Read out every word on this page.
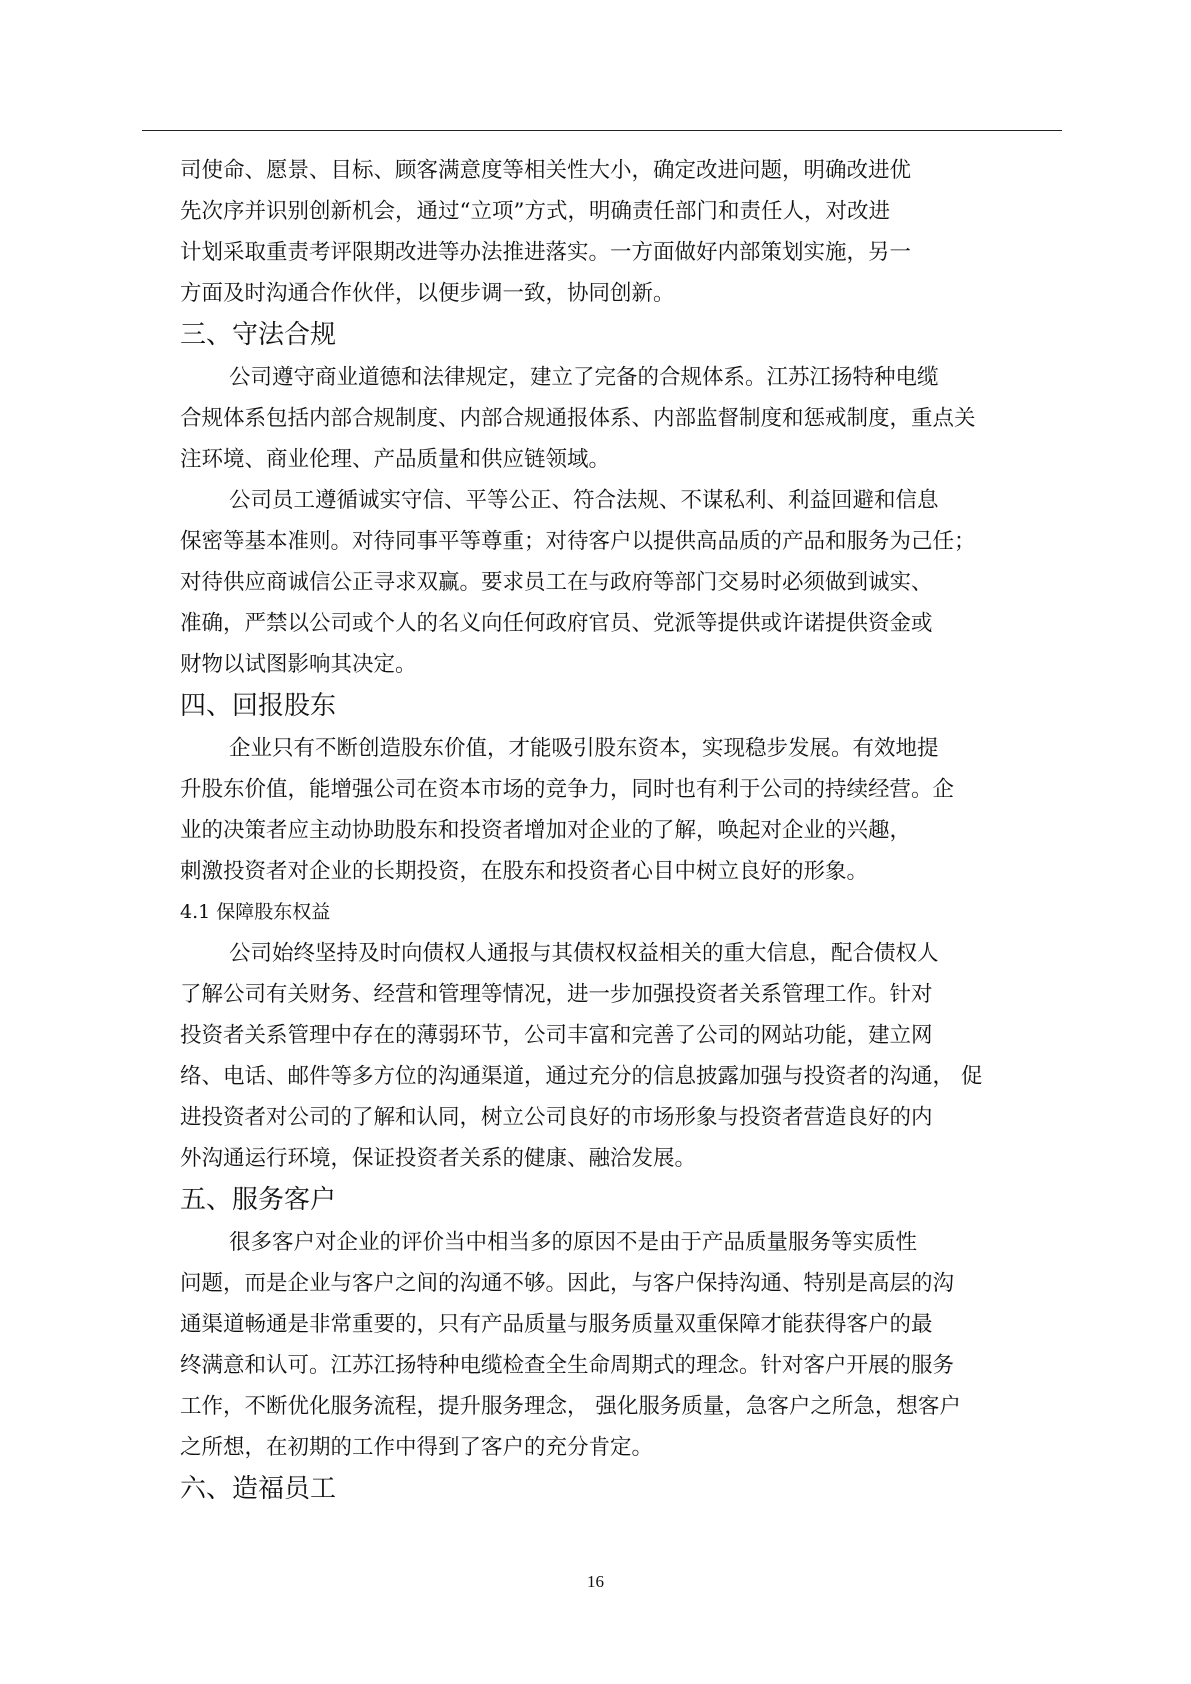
司使命、愿景、目标、顾客满意度等相关性大小，确定改进问题，明确改进优
先次序并识别创新机会，通过“立项”方式，明确责任部门和责任人，对改进
计划采取重责考评限期改进等办法推进落实。一方面做好内部策划实施，另一
方面及时沟通合作伙伴，以便步调一致，协同创新。
三、守法合规
公司遵守商业道德和法律规定，建立了完备的合规体系。江苏江扬特种电缆
合规体系包括内部合规制度、内部合规通报体系、内部监督制度和惩戒制度，重点关
注环境、商业伦理、产品质量和供应链领域。
公司员工遵循诚实守信、平等公正、符合法规、不谋私利、利益回避和信息
保密等基本准则。对待同事平等尊重；对待客户以提供高品质的产品和服务为己任；
对待供应商诚信公正寻求双赢。要求员工在与政府等部门交易时必须做到诚实、
准确，严禁以公司或个人的名义向任何政府官员、党派等提供或许诺提供资金或
财物以试图影响其决定。
四、回报股东
企业只有不断创造股东价值，才能吸引股东资本，实现稳步发展。有效地提
升股东价值，能增强公司在资本市场的竞争力，同时也有利于公司的持续经营。企
业的决策者应主动协助股东和投资者增加对企业的了解，唤起对企业的兴趣，
刺激投资者对企业的长期投资，在股东和投资者心目中树立良好的形象。
4.1 保障股东权益
公司始终坚持及时向债权人通报与其债权权益相关的重大信息，配合债权人
了解公司有关财务、经营和管理等情况，进一步加强投资者关系管理工作。针对
投资者关系管理中存在的薄弱环节，公司丰富和完善了公司的网站功能，建立网
络、电话、邮件等多方位的沟通渠道，通过充分的信息披露加强与投资者的沟通， 促
进投资者对公司的了解和认同，树立公司良好的市场形象与投资者营造良好的内
外沟通运行环境，保证投资者关系的健康、融洽发展。
五、服务客户
很多客户对企业的评价当中相当多的原因不是由于产品质量服务等实质性
问题，而是企业与客户之间的沟通不够。因此，与客户保持沟通、特别是高层的沟
通渠道畅通是非常重要的，只有产品质量与服务质量双重保障才能获得客户的最
终满意和认可。江苏江扬特种电缆检查全生命周期式的理念。针对客户开展的服务
工作，不断优化服务流程，提升服务理念， 强化服务质量，急客户之所急，想客户
之所想，在初期的工作中得到了客户的充分肯定。
六、造福员工
16
